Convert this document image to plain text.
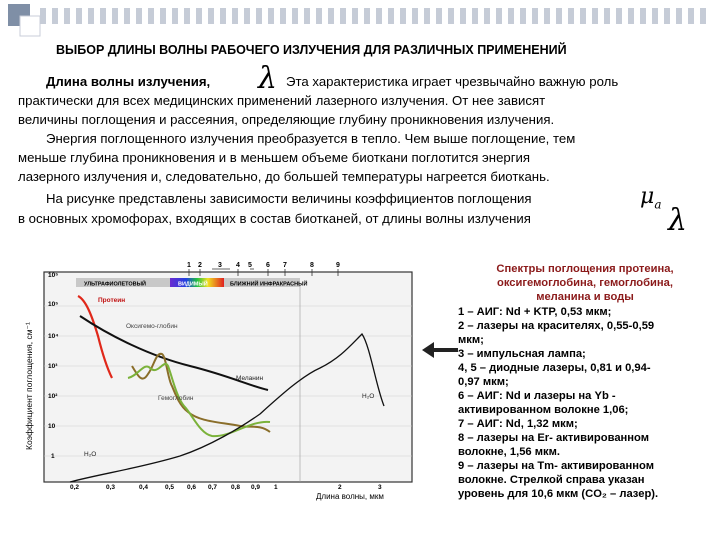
ВЫБОР ДЛИНЫ ВОЛНЫ РАБОЧЕГО ИЗЛУЧЕНИЯ ДЛЯ РАЗЛИЧНЫХ ПРИМЕНЕНИЙ
Длина волны излучения, λ Эта характеристика играет чрезвычайно важную роль
практически для всех медицинских применений лазерного излучения. От нее зависят
величины поглощения и рассеяния, определяющие глубину проникновения излучения.
Энергия поглощенного излучения преобразуется в тепло. Чем выше поглощение, тем
меньше глубина проникновения и в меньшем объеме биоткани поглотится энергия
лазерного излучения и, следовательно, до большей температуры нагреется биоткань.
На рисунке представлены зависимости величины коэффициентов поглощения	$\mu_a$
в основных хромофорах, входящих в состав биотканей, от длины волны излучения	λ
Коэффициент поглощения, см⁻¹
УЛЬТРАФИОЛЕТОВЫЙ	ВИДИМЫЙ	БЛИЖНИЙ ИНФРАКРАСНЫЙ
1 2 3 4 5 6 7	8	9
10⁵
10⁵
10⁴
10³
10²
10
1
0,2	0,3	0,4	0,5 0,6 0,7 0,8 0,9 1	2	3
Протеин
Оксигемо-глобин
Меланин
Гемоглобин	H₂O
H₂O
Длина волны, мкм
Спектры поглощения протеина,
оксигемоглобина, гемоглобина,
меланина и воды
1 – АИГ: Nd + KTP, 0,53 мкм;
2 – лазеры на красителях, 0,55-0,59
мкм;
3 – импульсная лампа;
4, 5 – диодные лазеры, 0,81 и 0,94-
0,97 мкм;
6 – АИГ: Nd и лазеры на Yb -
активированном волокне 1,06;
7 – АИГ: Nd, 1,32 мкм;
8 – лазеры на Er- активированном
волокне, 1,56 мкм.
9 – лазеры на Tm- активированном
волокне. Стрелкой справа указан
уровень для 10,6 мкм (CO₂ – лазер).
